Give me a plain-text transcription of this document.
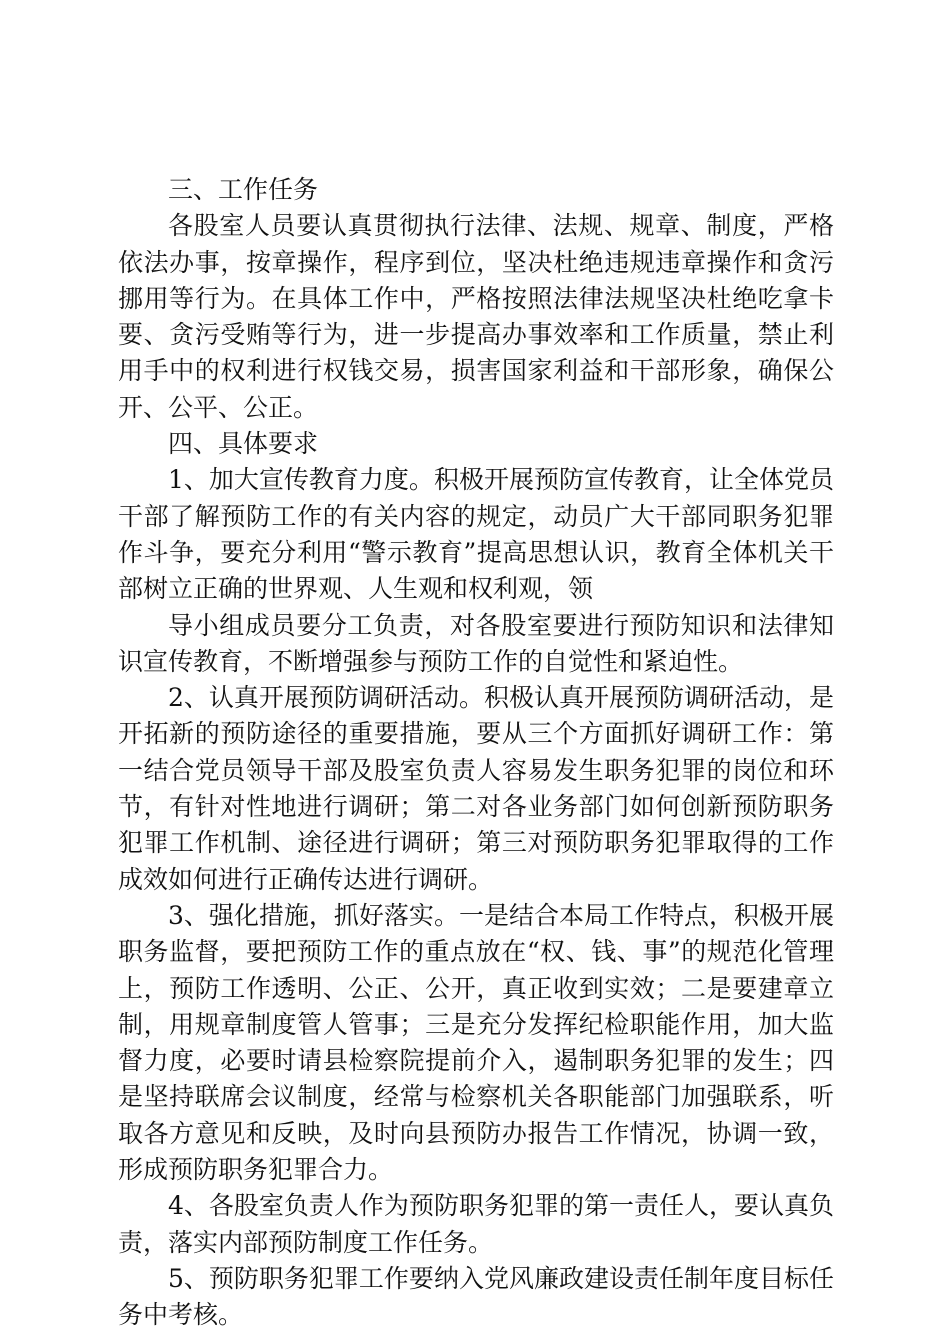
三、工作任务

各股室人员要认真贯彻执行法律、法规、规章、制度，严格依法办事，按章操作，程序到位，坚决杜绝违规违章操作和贪污挪用等行为。在具体工作中，严格按照法律法规坚决杜绝吃拿卡要、贪污受贿等行为，进一步提高办事效率和工作质量，禁止利用手中的权利进行权钱交易，损害国家利益和干部形象，确保公开、公平、公正。

四、具体要求

1、加大宣传教育力度。积极开展预防宣传教育，让全体党员干部了解预防工作的有关内容的规定，动员广大干部同职务犯罪作斗争，要充分利用“警示教育”提高思想认识，教育全体机关干部树立正确的世界观、人生观和权利观，领

导小组成员要分工负责，对各股室要进行预防知识和法律知识宣传教育，不断增强参与预防工作的自觉性和紧迫性。

2、认真开展预防调研活动。积极认真开展预防调研活动，是开拓新的预防途径的重要措施，要从三个方面抓好调研工作：第一结合党员领导干部及股室负责人容易发生职务犯罪的岗位和环节，有针对性地进行调研；第二对各业务部门如何创新预防职务犯罪工作机制、途径进行调研；第三对预防职务犯罪取得的工作成效如何进行正确传达进行调研。

3、强化措施，抓好落实。一是结合本局工作特点，积极开展职务监督，要把预防工作的重点放在“权、钱、事”的规范化管理上，预防工作透明、公正、公开，真正收到实效；二是要建章立制，用规章制度管人管事；三是充分发挥纪检职能作用，加大监督力度，必要时请县检察院提前介入，遏制职务犯罪的发生；四是坚持联席会议制度，经常与检察机关各职能部门加强联系，听取各方意见和反映，及时向县预防办报告工作情况，协调一致，形成预防职务犯罪合力。

4、各股室负责人作为预防职务犯罪的第一责任人，要认真负责，落实内部预防制度工作任务。

5、预防职务犯罪工作要纳入党风廉政建设责任制年度目标任务中考核。
